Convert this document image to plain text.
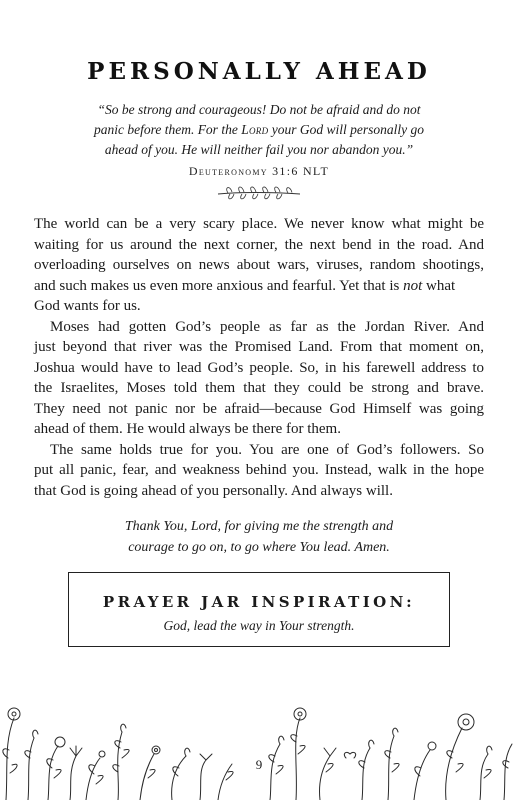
PERSONALLY AHEAD
“So be strong and courageous! Do not be afraid and do not
panic before them. For the Lord your God will personally go
ahead of you. He will neither fail you nor abandon you.”
Deuteronomy 31:6 NLT
The world can be a very scary place. We never know what might be
waiting for us around the next corner, the next bend in the road. And
overloading ourselves on news about wars, viruses, random shootings,
and such makes us even more anxious and fearful. Yet that is not what
God wants for us.
Moses had gotten God’s people as far as the Jordan River. And
just beyond that river was the Promised Land. From that moment on,
Joshua would have to lead God’s people. So, in his farewell address to
the Israelites, Moses told them that they could be strong and brave.
They need not panic nor be afraid—because God Himself was going
ahead of them. He would always be there for them.
The same holds true for you. You are one of God’s followers. So
put all panic, fear, and weakness behind you. Instead, walk in the hope
that God is going ahead of you personally. And always will.
Thank You, Lord, for giving me the strength and
courage to go on, to go where You lead. Amen.
PRAYER JAR INSPIRATION:
God, lead the way in Your strength.
9
